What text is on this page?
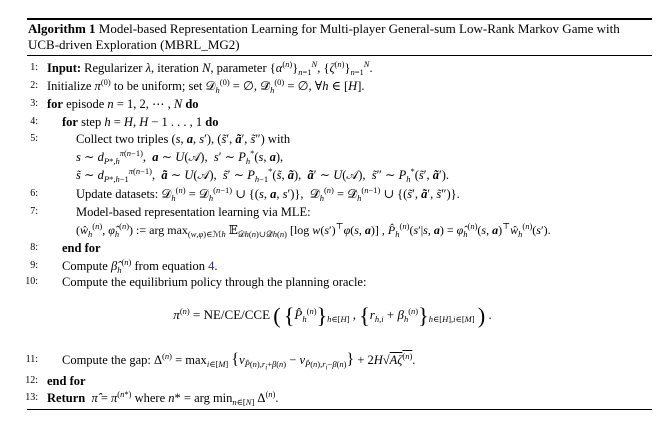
Algorithm 1 Model-based Representation Learning for Multi-player General-sum Low-Rank Markov Game with UCB-driven Exploration (MBRL_MG2)
1: Input: Regularizer λ, iteration N, parameter $\{\alpha^{(n)}\}_{n=1}^N$, $\{\zeta^{(n)}\}_{n=1}^N$.
2: Initialize $\pi^{(0)}$ to be uniform; set 𝒟$_h^{(0)}$ = ∅, $𝒟̃_h^{(0)}$ = ∅, ∀h ∈ [H].
3: for episode n = 1, 2, ⋯ , N do
4: for step h = H, H − 1 . . . , 1 do
5:	Collect two triples (s, a, s′), (s̃′, ã′, s̃″) with
s ∼ $d_{P*,h}^{\pi(n-1)}$,  a ∼ U(𝒜),  s′ ∼ $P_h^*(s$, a),
s̃ ∼ $d_{P*,h-1}^{\pi(n-1)}$,  ã ∼ U(𝒜),  s̃′ ∼ $P_{h-1}^*(s̃$, ã),  ã′ ∼ U(𝒜),  s̃″ ∼ $P_h^*(s̃'$, ã′).
6:	Update datasets: 𝒟$_h^{(n)}$ = 𝒟$_h^{(n-1)}$ ∪ {(s, a, s′)},  $𝒟̃_h^{(n)}$ = $𝒟̃_h^{(n-1)}$ ∪ {(s̃′, ã′, s̃″)}.
7:	Model-based representation learning via MLE:
($ŵ_h^{(n)}$, $\varphî_h^{(n)}$) := arg $\max_{(w,\varphi)\in ℳh}$ 𝔼$_{𝒟h(n)\cup 𝒟̃h(n)}$ [log w(s′)⊤φ(s, a)] , $P̂_h^{(n)}(s'|s$, $a) = \varphî_h^{(n)}(s$, $a)^⊤ŵ_h^{(n)}(s')$.
8: end for
9: Compute $\betâ_h^{(n)}$ from equation 4.
10: Compute the equilibrium policy through the planning oracle:
$\pi^{(n)} = NE/CE/CCE$ ( $\{P̂_h^{(n)}\}_{h\in[H]}$ , $\{r_{h,i} + \beta_h^{(n)}\}_{h\in[H],i\in[M]}$ ) .
11: Compute the gap: $\Delta^{(n)} = \max_{i\in[M]} \{v_{P̂(n),r_i+\beta(n)} - v_{P̂(n),r_i-\beta(n)}\} + 2H√A\zeta^{(n)}$.
12: end for
13: Return π̂ = $\pi^{(n*)}$ where n* = arg $\min_{n\in[N]} \Delta^{(n)}$.
